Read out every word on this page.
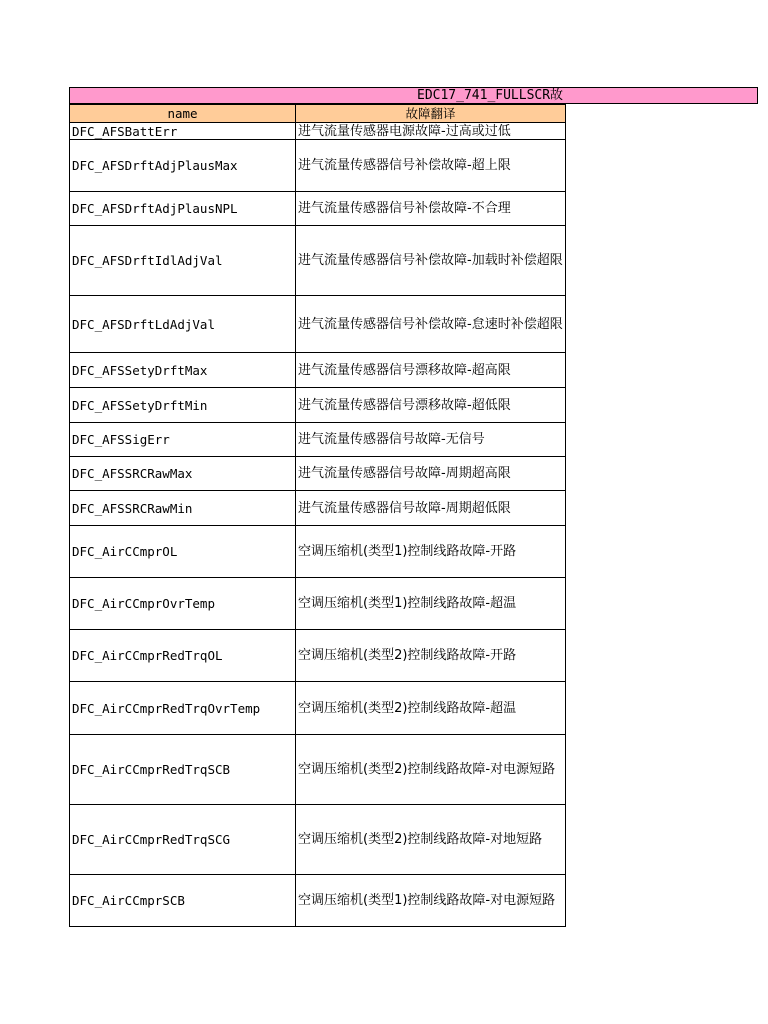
EDC17_741_FULLSCR故
name	故障翻译
DFC_AFSBattErr	进气流量传感器电源故障-过高或过低
DFC_AFSDrftAdjPlausMax	进气流量传感器信号补偿故障-超上限
DFC_AFSDrftAdjPlausNPL	进气流量传感器信号补偿故障-不合理
DFC_AFSDrftIdlAdjVal	进气流量传感器信号补偿故障-加载时补偿超限
DFC_AFSDrftLdAdjVal	进气流量传感器信号补偿故障-怠速时补偿超限
DFC_AFSSetyDrftMax	进气流量传感器信号漂移故障-超高限
DFC_AFSSetyDrftMin	进气流量传感器信号漂移故障-超低限
DFC_AFSSigErr	进气流量传感器信号故障-无信号
DFC_AFSSRCRawMax	进气流量传感器信号故障-周期超高限
DFC_AFSSRCRawMin	进气流量传感器信号故障-周期超低限
DFC_AirCCmprOL	空调压缩机(类型1)控制线路故障-开路
DFC_AirCCmprOvrTemp	空调压缩机(类型1)控制线路故障-超温
DFC_AirCCmprRedTrqOL	空调压缩机(类型2)控制线路故障-开路
DFC_AirCCmprRedTrqOvrTemp	空调压缩机(类型2)控制线路故障-超温
DFC_AirCCmprRedTrqSCB	空调压缩机(类型2)控制线路故障-对电源短路
DFC_AirCCmprRedTrqSCG	空调压缩机(类型2)控制线路故障-对地短路
DFC_AirCCmprSCB	空调压缩机(类型1)控制线路故障-对电源短路
